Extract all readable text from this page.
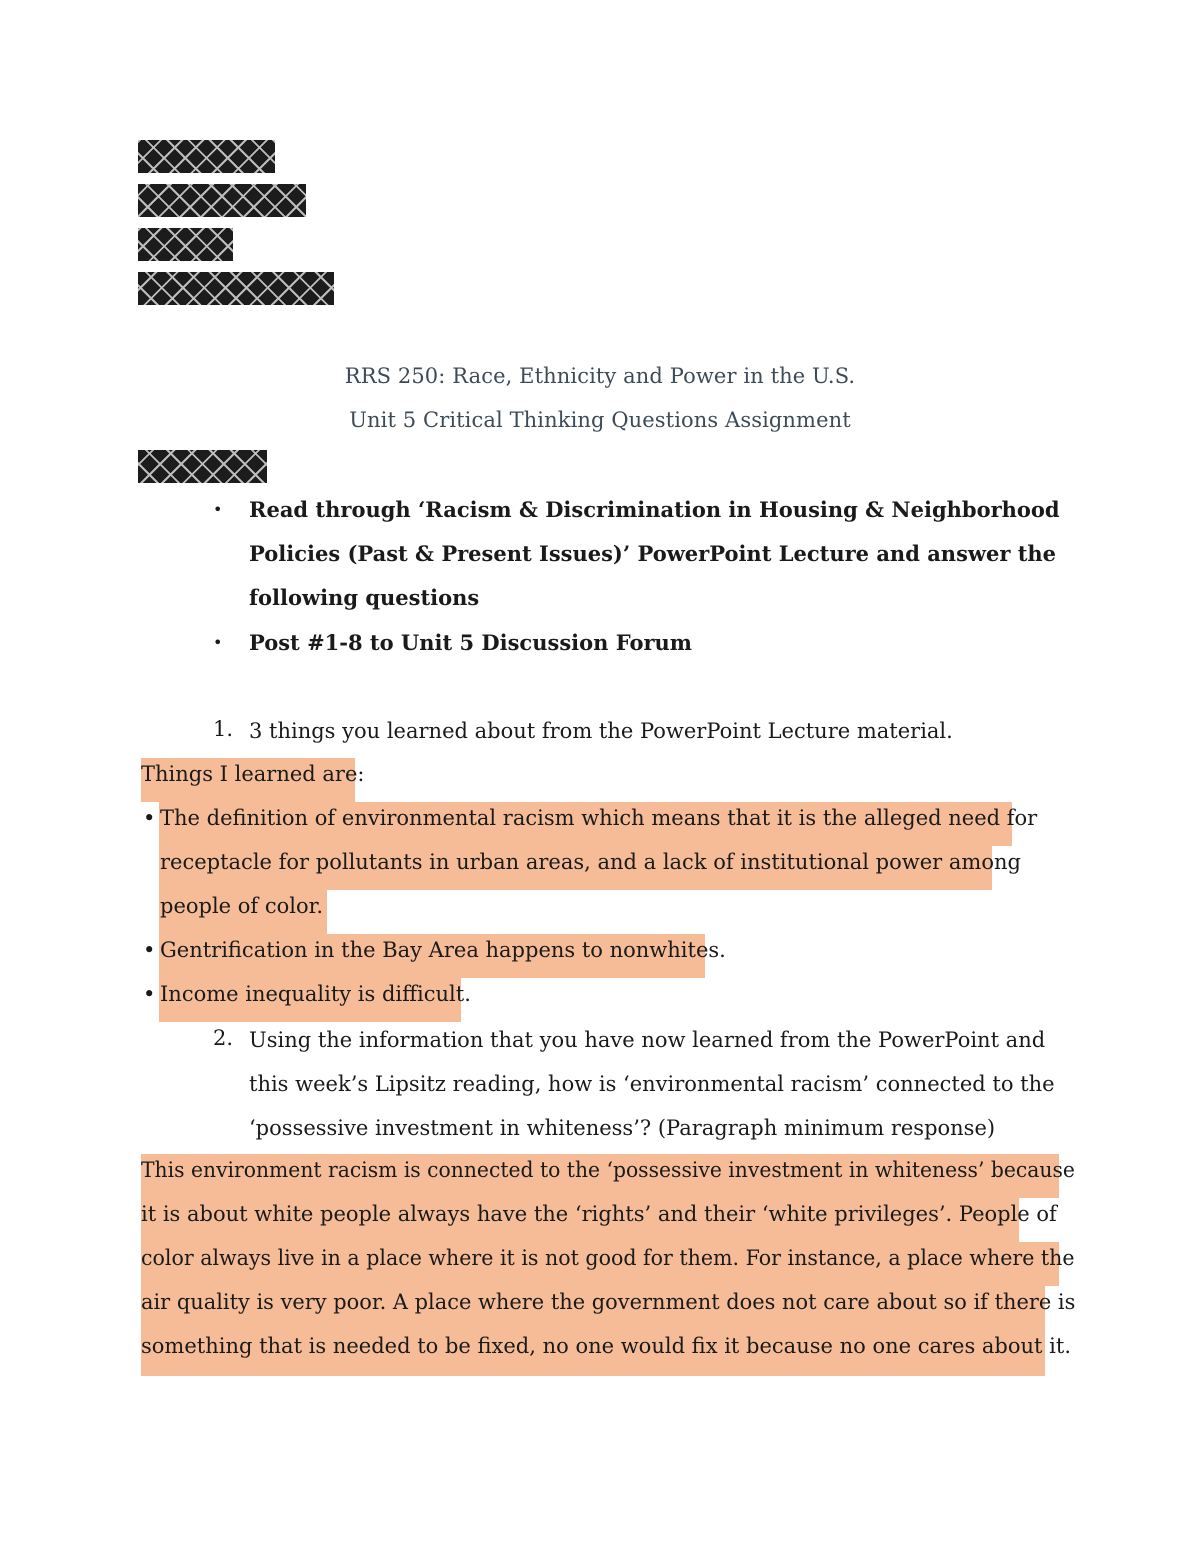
RRS 250: Race, Ethnicity and Power in the U.S.
Unit 5 Critical Thinking Questions Assignment
• Read through ‘Racism & Discrimination in Housing & Neighborhood
Policies (Past & Present Issues)’ PowerPoint Lecture and answer the
following questions
• Post #1-8 to Unit 5 Discussion Forum
1. 3 things you learned about from the PowerPoint Lecture material.
Things I learned are:
• The definition of environmental racism which means that it is the alleged need for
receptacle for pollutants in urban areas, and a lack of institutional power among
people of color.
• Gentrification in the Bay Area happens to nonwhites.
• Income inequality is difficult.
2. Using the information that you have now learned from the PowerPoint and
this week’s Lipsitz reading, how is ‘environmental racism’ connected to the
‘possessive investment in whiteness’? (Paragraph minimum response)
This environment racism is connected to the ‘possessive investment in whiteness’ because
it is about white people always have the ‘rights’ and their ‘white privileges’. People of
color always live in a place where it is not good for them. For instance, a place where the
air quality is very poor. A place where the government does not care about so if there is
something that is needed to be fixed, no one would fix it because no one cares about it.
